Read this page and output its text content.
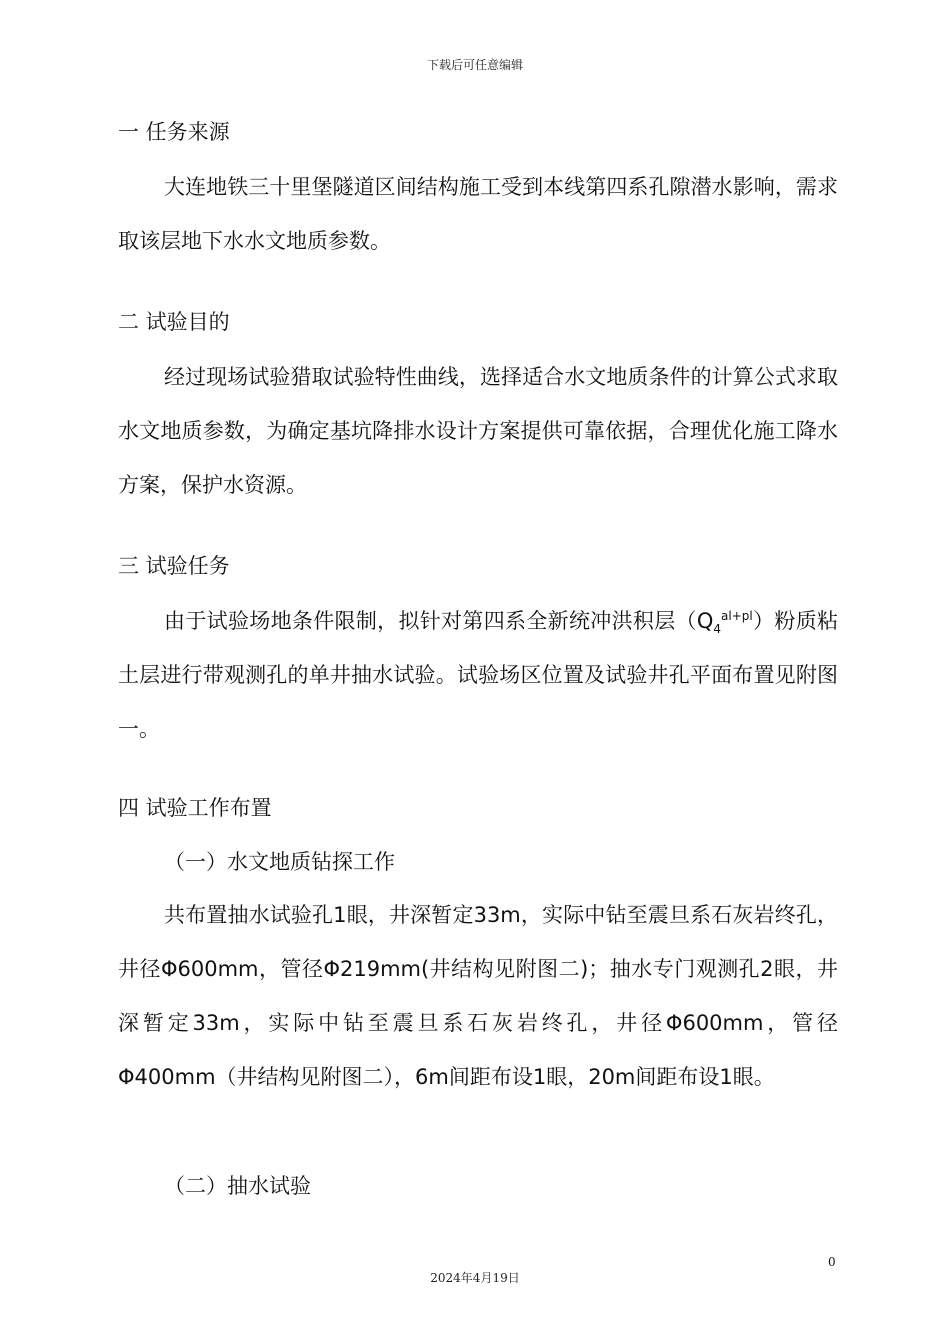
下载后可任意编辑
一 任务来源

大连地铁三十里堡隧道区间结构施工受到本线第四系孔隙潜水影响，需求取该层地下水水文地质参数。

二 试验目的

经过现场试验猎取试验特性曲线，选择适合水文地质条件的计算公式求取水文地质参数，为确定基坑降排水设计方案提供可靠依据，合理优化施工降水方案，保护水资源。

三 试验任务

由于试验场地条件限制，拟针对第四系全新统冲洪积层$(Q_4^{al+pl})$粉质粘土层进行带观测孔的单井抽水试验。试验场区位置及试验井孔平面布置见附图一。

四 试验工作布置
（一）水文地质钻探工作

共布置抽水试验孔1眼，井深暂定33m，实际中钻至震旦系石灰岩终孔，井径Φ600mm，管径Φ219mm(井结构见附图二)；抽水专门观测孔2眼，井深暂定33m，实际中钻至震旦系石灰岩终孔，井径Φ600mm，管径Φ400mm（井结构见附图二），6m间距布设1眼，20m间距布设1眼。

（二）抽水试验
0
2024年4月19日
